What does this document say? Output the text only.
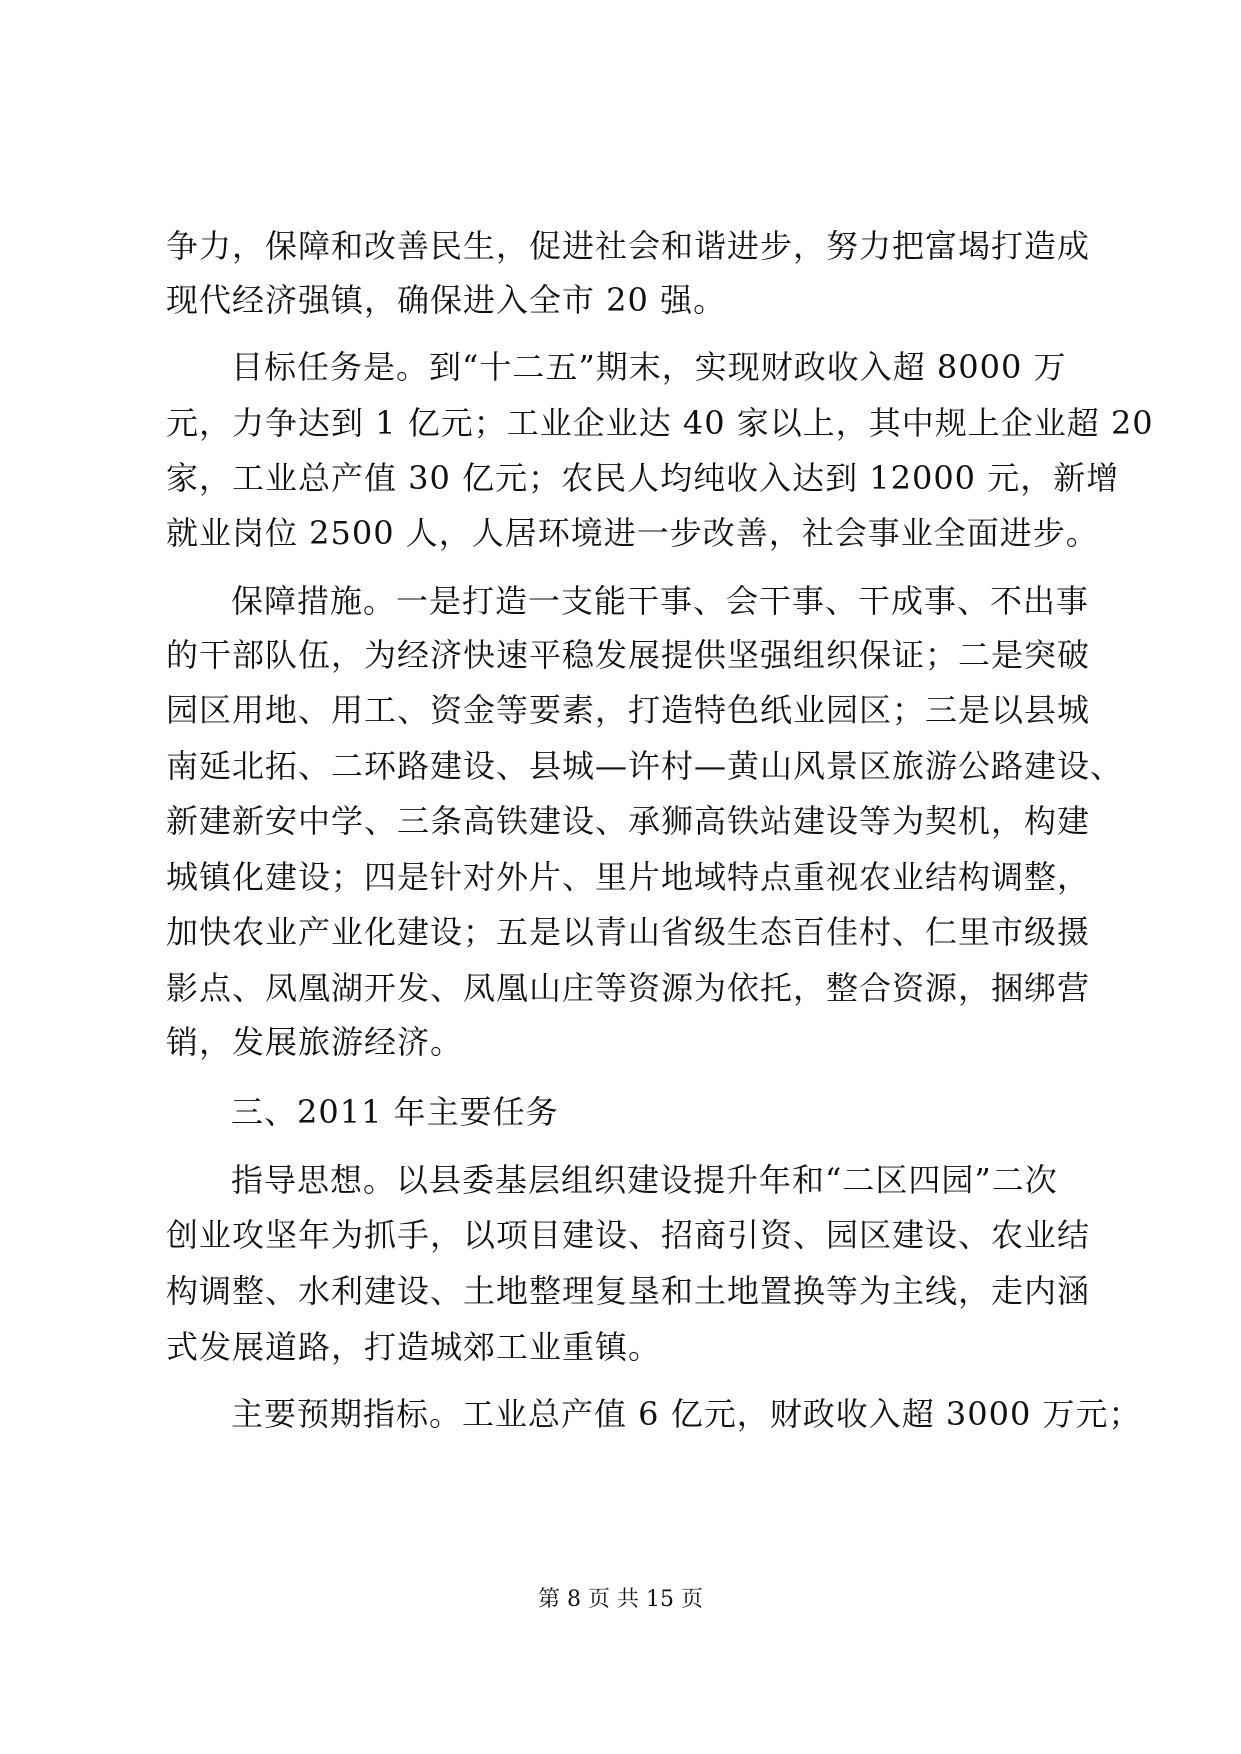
争力，保障和改善民生，促进社会和谐进步，努力把富堨打造成

现代经济强镇，确保进入全市 20 强。

目标任务是。到“十二五”期末，实现财政收入超 8000 万

元，力争达到 1 亿元；工业企业达 40 家以上，其中规上企业超 20

家，工业总产值 30 亿元；农民人均纯收入达到 12000 元，新增

就业岗位 2500 人，人居环境进一步改善，社会事业全面进步。

保障措施。一是打造一支能干事、会干事、干成事、不出事

的干部队伍，为经济快速平稳发展提供坚强组织保证；二是突破

园区用地、用工、资金等要素，打造特色纸业园区；三是以县城

南延北拓、二环路建设、县城—许村—黄山风景区旅游公路建设、

新建新安中学、三条高铁建设、承狮高铁站建设等为契机，构建

城镇化建设；四是针对外片、里片地域特点重视农业结构调整，

加快农业产业化建设；五是以青山省级生态百佳村、仁里市级摄

影点、凤凰湖开发、凤凰山庄等资源为依托，整合资源，捆绑营

销，发展旅游经济。

三、2011 年主要任务

指导思想。以县委基层组织建设提升年和“二区四园”二次

创业攻坚年为抓手，以项目建设、招商引资、园区建设、农业结

构调整、水利建设、土地整理复垦和土地置换等为主线，走内涵

式发展道路，打造城郊工业重镇。

主要预期指标。工业总产值 6 亿元，财政收入超 3000 万元；

第 8 页 共 15 页
